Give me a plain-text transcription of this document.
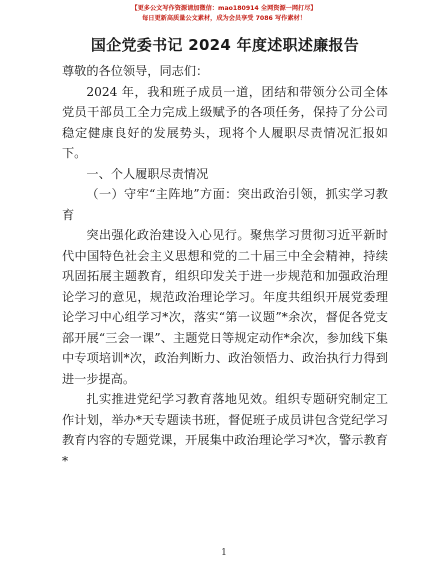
【更多公文写作资源请加微信：mao180914 全网资源一网打尽】
每日更新高质量公文素材，成为会员享受 7086 写作素材！
国企党委书记 2024 年度述职述廉报告

尊敬的各位领导，同志们：

2024 年，我和班子成员一道，团结和带领分公司全体党员干部员工全力完成上级赋予的各项任务，保持了分公司稳定健康良好的发展势头，现将个人履职尽责情况汇报如下。

一、个人履职尽责情况

（一）守牢“主阵地”方面：突出政治引领，抓实学习教育

突出强化政治建设入心见行。聚焦学习贯彻习近平新时代中国特色社会主义思想和党的二十届三中全会精神，持续巩固拓展主题教育，组织印发关于进一步规范和加强政治理论学习的意见，规范政治理论学习。年度共组织开展党委理论学习中心组学习*次，落实“第一议题”*余次，督促各党支部开展“三会一课”、主题党日等规定动作*余次，参加线下集中专项培训*次，政治判断力、政治领悟力、政治执行力得到进一步提高。

扎实推进党纪学习教育落地见效。组织专题研究制定工作计划，举办*天专题读书班，督促班子成员讲包含党纪学习教育内容的专题党课，开展集中政治理论学习*次，警示教育*

1
